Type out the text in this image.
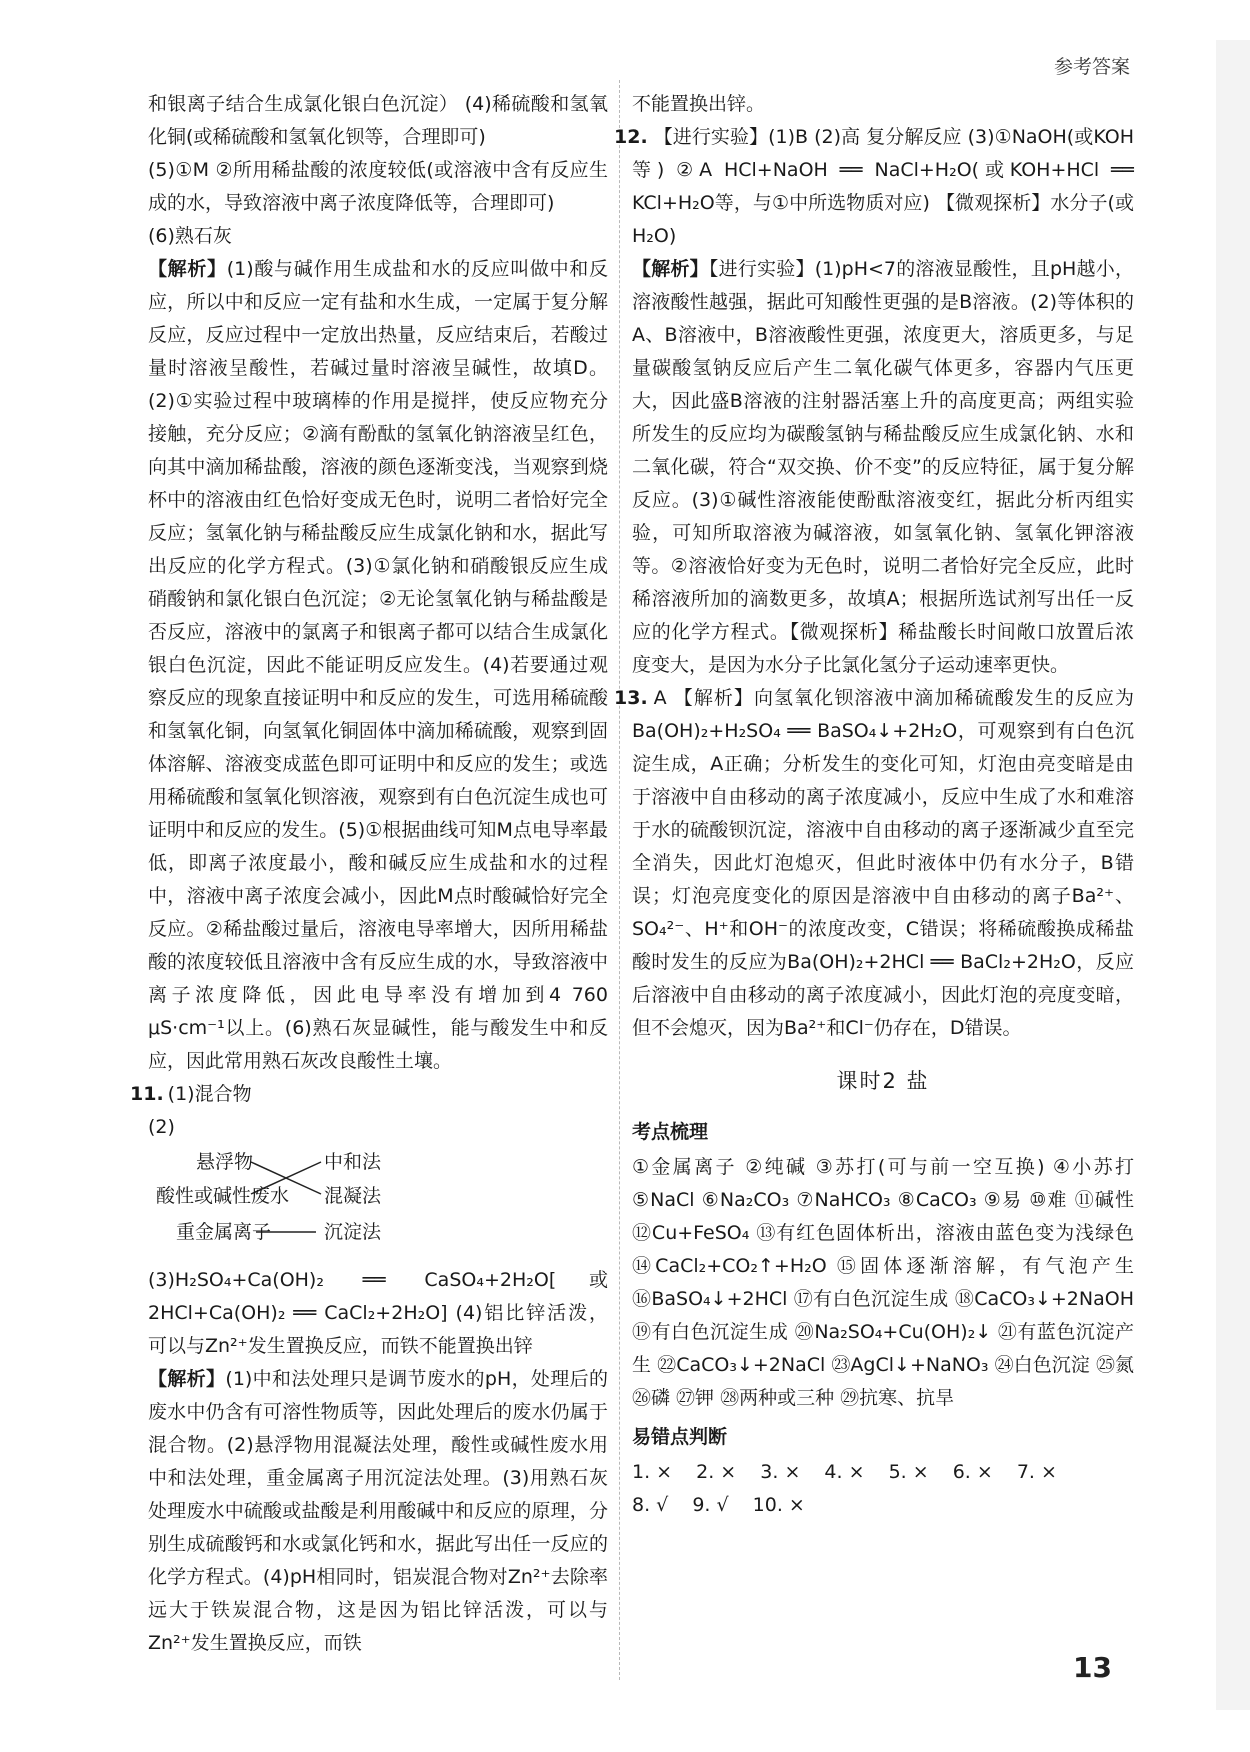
参考答案

和银离子结合生成氯化银白色沉淀） (4)稀硫酸和氢氧化铜(或稀硫酸和氢氧化钡等，合理即可)

(5)①M ②所用稀盐酸的浓度较低(或溶液中含有反应生成的水，导致溶液中离子浓度降低等，合理即可)

(6)熟石灰

【解析】(1)酸与碱作用生成盐和水的反应叫做中和反应，所以中和反应一定有盐和水生成，一定属于复分解反应，反应过程中一定放出热量，反应结束后，若酸过量时溶液呈酸性，若碱过量时溶液呈碱性，故填D。(2)①实验过程中玻璃棒的作用是搅拌，使反应物充分接触，充分反应；②滴有酚酞的氢氧化钠溶液呈红色，向其中滴加稀盐酸，溶液的颜色逐渐变浅，当观察到烧杯中的溶液由红色恰好变成无色时，说明二者恰好完全反应；氢氧化钠与稀盐酸反应生成氯化钠和水，据此写出反应的化学方程式。(3)①氯化钠和硝酸银反应生成硝酸钠和氯化银白色沉淀；②无论氢氧化钠与稀盐酸是否反应，溶液中的氯离子和银离子都可以结合生成氯化银白色沉淀，因此不能证明反应发生。(4)若要通过观察反应的现象直接证明中和反应的发生，可选用稀硫酸和氢氧化铜，向氢氧化铜固体中滴加稀硫酸，观察到固体溶解、溶液变成蓝色即可证明中和反应的发生；或选用稀硫酸和氢氧化钡溶液，观察到有白色沉淀生成也可证明中和反应的发生。(5)①根据曲线可知M点电导率最低，即离子浓度最小，酸和碱反应生成盐和水的过程中，溶液中离子浓度会减小，因此M点时酸碱恰好完全反应。②稀盐酸过量后，溶液电导率增大，因所用稀盐酸的浓度较低且溶液中含有反应生成的水，导致溶液中离子浓度降低，因此电导率没有增加到4 760 μS·cm⁻¹以上。(6)熟石灰显碱性，能与酸发生中和反应，因此常用熟石灰改良酸性土壤。

11. (1)混合物

(2)

悬浮物
酸性或碱性废水
重金属离子
中和法
混凝法
沉淀法

(3)H₂SO₄+Ca(OH)₂ ══ CaSO₄+2H₂O[或2HCl+Ca(OH)₂ ══ CaCl₂+2H₂O] (4)铝比锌活泼，可以与Zn²⁺发生置换反应，而铁不能置换出锌

【解析】(1)中和法处理只是调节废水的pH，处理后的废水中仍含有可溶性物质等，因此处理后的废水仍属于混合物。(2)悬浮物用混凝法处理，酸性或碱性废水用中和法处理，重金属离子用沉淀法处理。(3)用熟石灰处理废水中硫酸或盐酸是利用酸碱中和反应的原理，分别生成硫酸钙和水或氯化钙和水，据此写出任一反应的化学方程式。(4)pH相同时，铝炭混合物对Zn²⁺去除率远大于铁炭混合物，这是因为铝比锌活泼，可以与Zn²⁺发生置换反应，而铁

不能置换出锌。

12. 【进行实验】(1)B (2)高 复分解反应 (3)①NaOH(或KOH等) ②A HCl+NaOH ══ NaCl+H₂O(或KOH+HCl ══ KCl+H₂O等，与①中所选物质对应) 【微观探析】水分子(或H₂O)

【解析】【进行实验】(1)pH<7的溶液显酸性，且pH越小，溶液酸性越强，据此可知酸性更强的是B溶液。(2)等体积的A、B溶液中，B溶液酸性更强，浓度更大，溶质更多，与足量碳酸氢钠反应后产生二氧化碳气体更多，容器内气压更大，因此盛B溶液的注射器活塞上升的高度更高；两组实验所发生的反应均为碳酸氢钠与稀盐酸反应生成氯化钠、水和二氧化碳，符合“双交换、价不变”的反应特征，属于复分解反应。(3)①碱性溶液能使酚酞溶液变红，据此分析丙组实验，可知所取溶液为碱溶液，如氢氧化钠、氢氧化钾溶液等。②溶液恰好变为无色时，说明二者恰好完全反应，此时稀溶液所加的滴数更多，故填A；根据所选试剂写出任一反应的化学方程式。【微观探析】稀盐酸长时间敞口放置后浓度变大，是因为水分子比氯化氢分子运动速率更快。

13. A 【解析】向氢氧化钡溶液中滴加稀硫酸发生的反应为Ba(OH)₂+H₂SO₄ ══ BaSO₄↓+2H₂O，可观察到有白色沉淀生成，A正确；分析发生的变化可知，灯泡由亮变暗是由于溶液中自由移动的离子浓度减小，反应中生成了水和难溶于水的硫酸钡沉淀，溶液中自由移动的离子逐渐减少直至完全消失，因此灯泡熄灭，但此时液体中仍有水分子，B错误；灯泡亮度变化的原因是溶液中自由移动的离子Ba²⁺、SO₄²⁻、H⁺和OH⁻的浓度改变，C错误；将稀硫酸换成稀盐酸时发生的反应为Ba(OH)₂+2HCl ══ BaCl₂+2H₂O，反应后溶液中自由移动的离子浓度减小，因此灯泡的亮度变暗，但不会熄灭，因为Ba²⁺和Cl⁻仍存在，D错误。

课时2 盐
考点梳理

①金属离子 ②纯碱 ③苏打(可与前一空互换) ④小苏打 ⑤NaCl ⑥Na₂CO₃ ⑦NaHCO₃ ⑧CaCO₃ ⑨易 ⑩难 ⑪碱性 ⑫Cu+FeSO₄ ⑬有红色固体析出，溶液由蓝色变为浅绿色 ⑭CaCl₂+CO₂↑+H₂O ⑮固体逐渐溶解，有气泡产生 ⑯BaSO₄↓+2HCl ⑰有白色沉淀生成 ⑱CaCO₃↓+2NaOH ⑲有白色沉淀生成 ⑳Na₂SO₄+Cu(OH)₂↓ ㉑有蓝色沉淀产生 ㉒CaCO₃↓+2NaCl ㉓AgCl↓+NaNO₃ ㉔白色沉淀 ㉕氮 ㉖磷 ㉗钾 ㉘两种或三种 ㉙抗寒、抗旱

易错点判断
1. × 2. × 3. × 4. × 5. × 6. × 7. ×
8. √ 9. √ 10. ×
13
